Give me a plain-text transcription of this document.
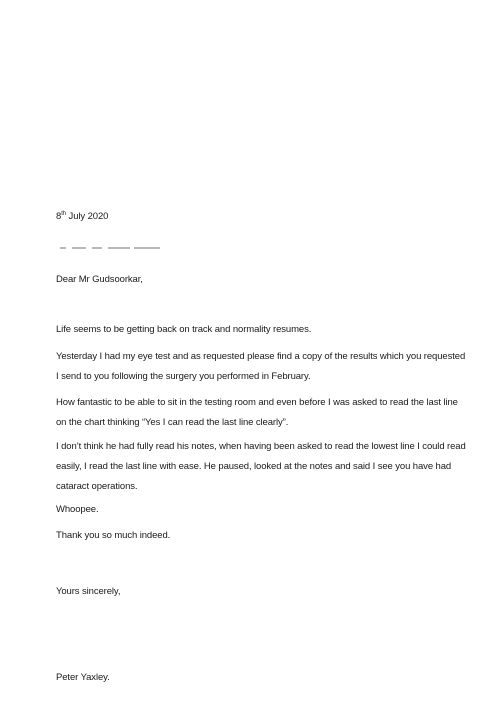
8th July 2020
Dear Mr Gudsoorkar,
Life seems to be getting back on track and normality resumes.
Yesterday I had my eye test and as requested please find a copy of the results which you requested I send to you following the surgery you performed in February.
How fantastic to be able to sit in the testing room and even before I was asked to read the last line on the chart thinking “Yes I can read the last line clearly”.
I don’t think he had fully read his notes, when having been asked to read the lowest line I could read easily, I read the last line with ease. He paused, looked at the notes and said I see you have had cataract operations.
Whoopee.
Thank you so much indeed.
Yours sincerely,
Peter Yaxley.
